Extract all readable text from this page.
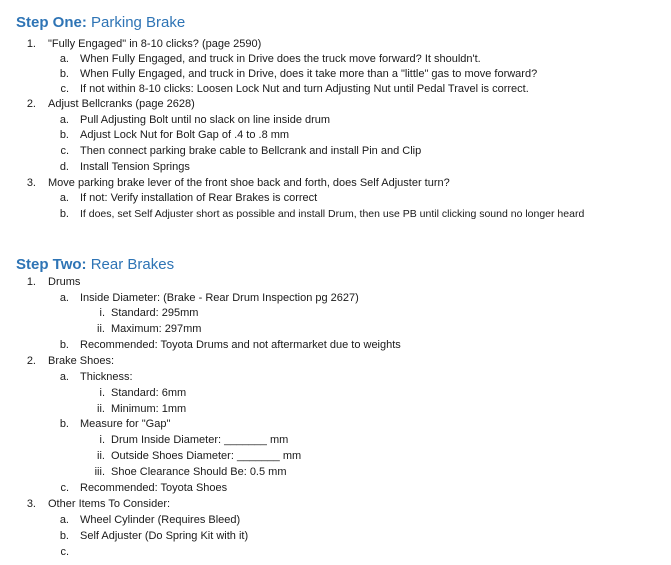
Step One: Parking Brake
1. "Fully Engaged" in 8-10 clicks? (page 2590)
a. When Fully Engaged, and truck in Drive does the truck move forward? It shouldn't.
b. When Fully Engaged, and truck in Drive, does it take more than a "little" gas to move forward?
c. If not within 8-10 clicks: Loosen Lock Nut and turn Adjusting Nut until Pedal Travel is correct.
2. Adjust Bellcranks (page 2628)
a. Pull Adjusting Bolt until no slack on line inside drum
b. Adjust Lock Nut for Bolt Gap of .4 to .8 mm
c. Then connect parking brake cable to Bellcrank and install Pin and Clip
d. Install Tension Springs
3. Move parking brake lever of the front shoe back and forth, does Self Adjuster turn?
a. If not: Verify installation of Rear Brakes is correct
b. If does, set Self Adjuster short as possible and install Drum, then use PB until clicking sound no longer heard
Step Two: Rear Brakes
1. Drums
a. Inside Diameter: (Brake - Rear Drum Inspection pg 2627)
i. Standard: 295mm
ii. Maximum: 297mm
b. Recommended: Toyota Drums and not aftermarket due to weights
2. Brake Shoes:
a. Thickness:
i. Standard: 6mm
ii. Minimum: 1mm
b. Measure for "Gap"
i. Drum Inside Diameter: _______ mm
ii. Outside Shoes Diameter: _______ mm
iii. Shoe Clearance Should Be: 0.5 mm
c. Recommended: Toyota Shoes
3. Other Items To Consider:
a. Wheel Cylinder (Requires Bleed)
b. Self Adjuster (Do Spring Kit with it)
c.
